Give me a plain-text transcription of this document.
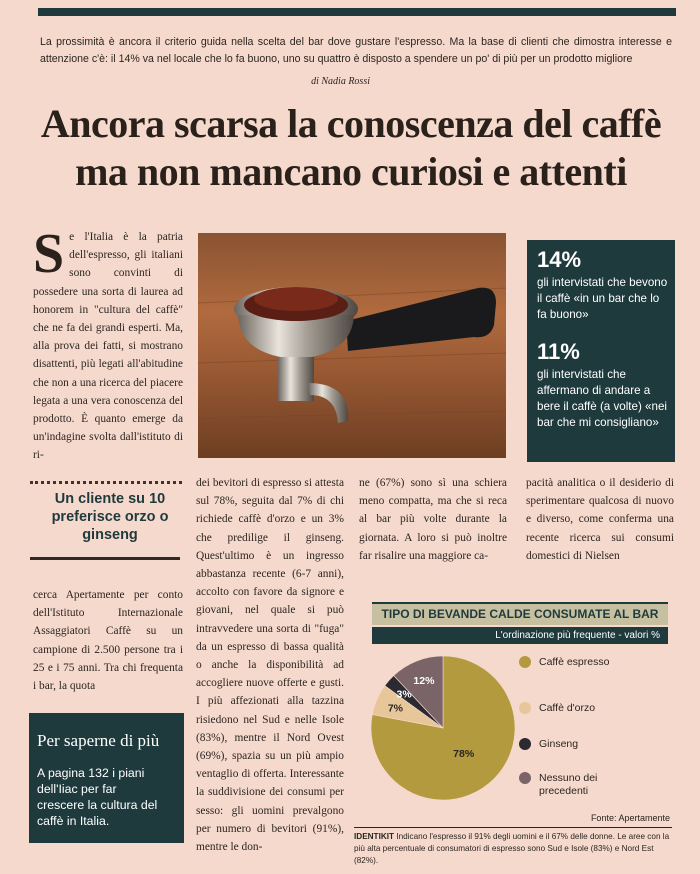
La prossimità è ancora il criterio guida nella scelta del bar dove gustare l'espresso. Ma la base di clienti che dimostra interesse e attenzione c'è: il 14% va nel locale che lo fa buono, uno su quattro è disposto a spendere un po' di più per un prodotto migliore
di Nadia Rossi
Ancora scarsa la conoscenza del caffè
ma non mancano curiosi e attenti
S e l'Italia è la patria dell'espresso, gli italiani sono convinti di possedere una sorta di laurea ad honorem in "cultura del caffè" che ne fa dei grandi esperti. Ma, alla prova dei fatti, si mostrano disattenti, più legati all'abitudine che non a una ricerca del piacere legata a una vera conoscenza del prodotto. È quanto emerge da un'indagine svolta dall'istituto di ri-
Un cliente su 10 preferisce orzo o ginseng
cerca Apertamente per conto dell'Istituto Internazionale Assaggiatori Caffè su un campione di 2.500 persone tra i 25 e i 75 anni. Tra chi frequenta i bar, la quota
14%
gli intervistati che bevono il caffè «in un bar che lo fa buono»
11%
gli intervistati che affermano di andare a bere il caffè (a volte) «nei bar che mi consigliano»
dei bevitori di espresso si attesta sul 78%, seguita dal 7% di chi richiede caffè d'orzo e un 3% che predilige il ginseng. Quest'ultimo è un ingresso abbastanza recente (6-7 anni), accolto con favore da signore e giovani, nel quale si può intravvedere una sorta di "fuga" da un espresso di bassa qualità o anche la disponibilità ad accogliere nuove offerte e gusti. I più affezionati alla tazzina risiedono nel Sud e nelle Isole (83%), mentre il Nord Ovest (69%), spazia su un più ampio ventaglio di offerta. Interessante la suddivisione dei consumi per sesso: gli uomini prevalgono per numero di bevitori (91%), mentre le don-
ne (67%) sono sì una schiera meno compatta, ma che si reca al bar più volte durante la giornata. A loro si può inoltre far risalire una maggiore ca-
pacità analitica o il desiderio di sperimentare qualcosa di nuovo e diverso, come conferma una recente ricerca sui consumi domestici di Nielsen
Per saperne di più
A pagina 132 i piani dell'Iiac per far crescere la cultura del caffè in Italia.
TIPO DI BEVANDE CALDE CONSUMATE AL BAR
L'ordinazione più frequente - valori %
78%
7%
3%
12%
Caffè espresso
Caffè d'orzo
Ginseng
Nessuno dei precedenti
Fonte: Apertamente
IDENTIKIT Indicano l'espresso il 91% degli uomini e il 67% delle donne. Le aree con la più alta percentuale di consumatori di espresso sono Sud e Isole (83%) e Nord Est (82%).
